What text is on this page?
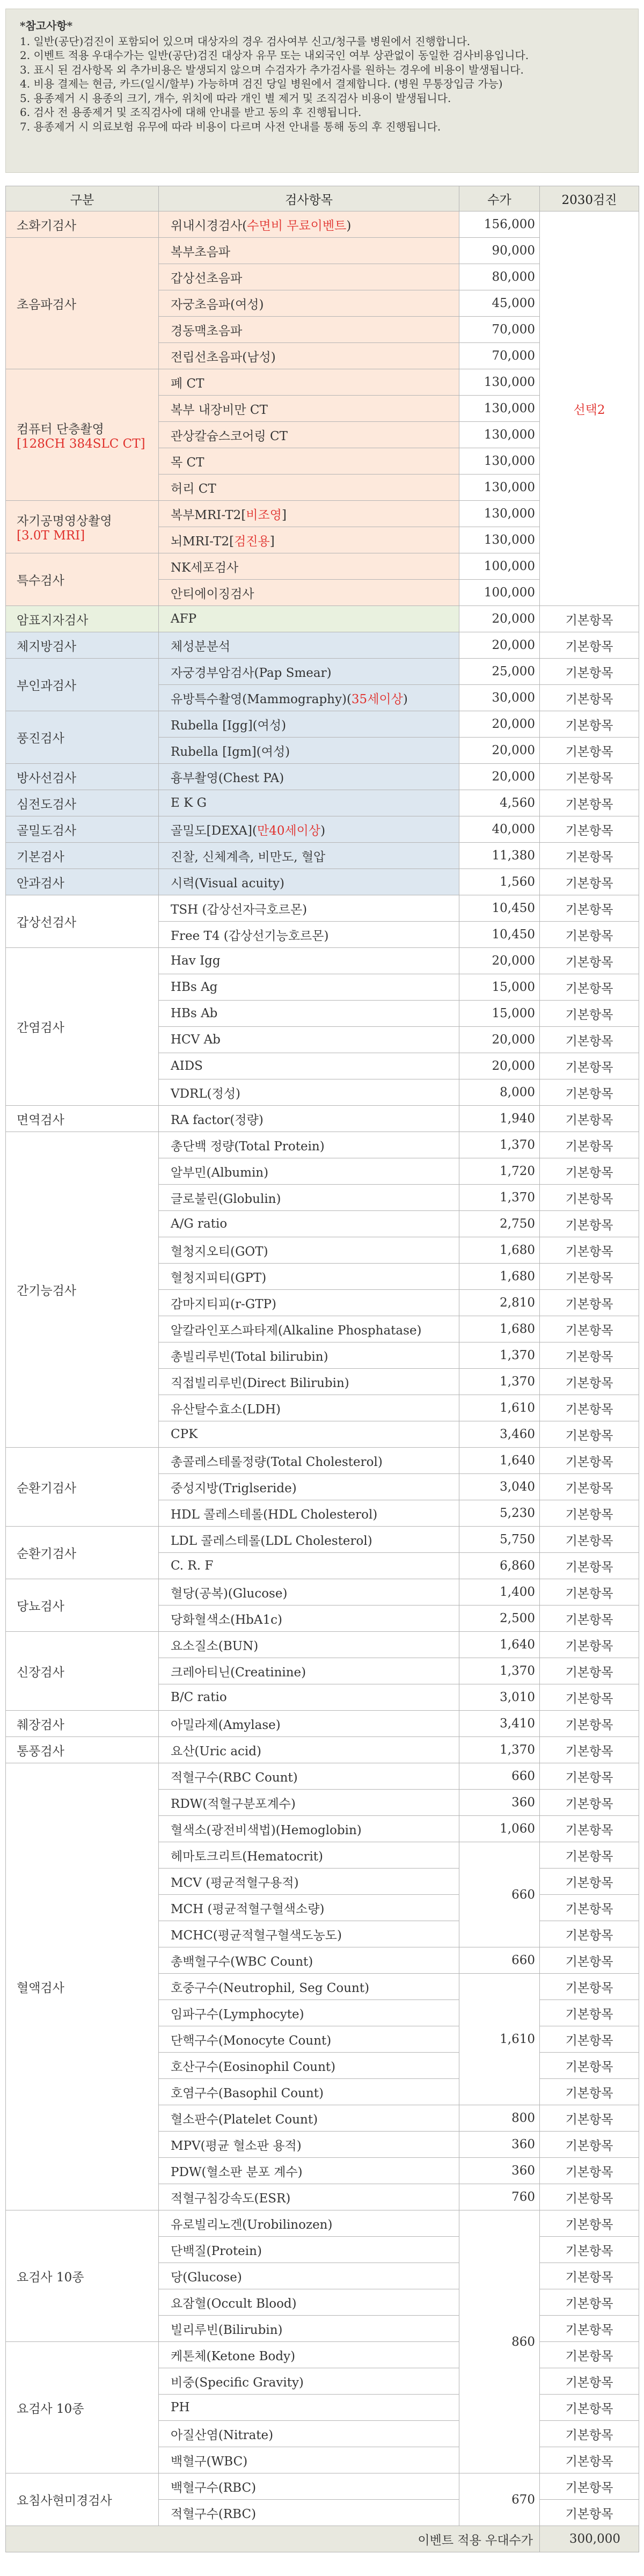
*참고사항*
1. 일반(공단)검진이 포함되어 있으며 대상자의 경우 검사여부 신고/청구를 병원에서 진행합니다.
2. 이벤트 적용 우대수가는 일반(공단)검진 대상자 유무 또는 내외국인 여부 상관없이 동일한 검사비용입니다.
3. 표시 된 검사항목 외 추가비용은 발생되지 않으며 수검자가 추가검사를 원하는 경우에 비용이 발생됩니다.
4. 비용 결제는 현금, 카드(일시/할부) 가능하며 검진 당일 병원에서 결제합니다. (병원 무통장입금 가능)
5. 용종제거 시 용종의 크기, 개수, 위치에 따라 개인 별 제거 및 조직검사 비용이 발생됩니다.
6. 검사 전 용종제거 및 조직검사에 대해 안내를 받고 동의 후 진행됩니다.
7. 용종제거 시 의료보험 유무에 따라 비용이 다르며 사전 안내를 통해 동의 후 진행됩니다.
구분	검사항목	수가	2030검진
소화기검사	위내시경검사(수면비 무료이벤트)	156,000	선택2
초음파검사	복부초음파	90,000	
	갑상선초음파	80,000	
	자궁초음파(여성)	45,000	
	경동맥초음파	70,000	
	전립선초음파(남성)	70,000	
컴퓨터 단층촬영
[128CH 384SLC CT]	폐 CT	130,000	
	복부 내장비만 CT	130,000	
	관상칼슘스코어링 CT	130,000	
	목 CT	130,000	
	허리 CT	130,000	
자기공명영상촬영
[3.0T MRI]	복부MRI-T2[비조영]	130,000	
	뇌MRI-T2[검진용]	130,000	
특수검사	NK세포검사	100,000	
	안티에이징검사	100,000	
암표지자검사	AFP	20,000	기본항목
체지방검사	체성분분석	20,000	기본항목
부인과검사	자궁경부암검사(Pap Smear)	25,000	기본항목
	유방특수촬영(Mammography)(35세이상)	30,000	기본항목
풍진검사	Rubella [Igg](여성)	20,000	기본항목
	Rubella [Igm](여성)	20,000	기본항목
방사선검사	흉부촬영(Chest PA)	20,000	기본항목
심전도검사	E K G	4,560	기본항목
골밀도검사	골밀도[DEXA](만40세이상)	40,000	기본항목
기본검사	진찰, 신체계측, 비만도, 혈압	11,380	기본항목
안과검사	시력(Visual acuity)	1,560	기본항목
갑상선검사	TSH (갑상선자극호르몬)	10,450	기본항목
	Free T4 (갑상선기능호르몬)	10,450	기본항목
간염검사	Hav Igg	20,000	기본항목
	HBs Ag	15,000	기본항목
	HBs Ab	15,000	기본항목
	HCV Ab	20,000	기본항목
	AIDS	20,000	기본항목
	VDRL(정성)	8,000	기본항목
면역검사	RA factor(정량)	1,940	기본항목
간기능검사	총단백 정량(Total Protein)	1,370	기본항목
	알부민(Albumin)	1,720	기본항목
	글로불린(Globulin)	1,370	기본항목
	A/G ratio	2,750	기본항목
	혈청지오티(GOT)	1,680	기본항목
	혈청지피티(GPT)	1,680	기본항목
	감마지티피(r-GTP)	2,810	기본항목
	알칼라인포스파타제(Alkaline Phosphatase)	1,680	기본항목
	총빌리루빈(Total bilirubin)	1,370	기본항목
	직접빌리루빈(Direct Bilirubin)	1,370	기본항목
	유산탈수효소(LDH)	1,610	기본항목
	CPK	3,460	기본항목
순환기검사	총콜레스테롤정량(Total Cholesterol)	1,640	기본항목
	중성지방(Triglseride)	3,040	기본항목
	HDL 콜레스테롤(HDL Cholesterol)	5,230	기본항목
순환기검사	LDL 콜레스테롤(LDL Cholesterol)	5,750	기본항목
	C. R. F	6,860	기본항목
당뇨검사	혈당(공복)(Glucose)	1,400	기본항목
	당화혈색소(HbA1c)	2,500	기본항목
신장검사	요소질소(BUN)	1,640	기본항목
	크레아티닌(Creatinine)	1,370	기본항목
	B/C ratio	3,010	기본항목
췌장검사	아밀라제(Amylase)	3,410	기본항목
통풍검사	요산(Uric acid)	1,370	기본항목
혈액검사	적혈구수(RBC Count)	660	기본항목
	RDW(적혈구분포계수)	360	기본항목
	혈색소(광전비색법)(Hemoglobin)	1,060	기본항목
	헤마토크리트(Hematocrit)	660	기본항목
	MCV (평균적혈구용적)		기본항목
	MCH (평균적혈구혈색소량)		기본항목
	MCHC(평균적혈구혈색도농도)		기본항목
	총백혈구수(WBC Count)	660	기본항목
	호중구수(Neutrophil, Seg Count)	1,610	기본항목
	임파구수(Lymphocyte)		기본항목
	단핵구수(Monocyte Count)		기본항목
	호산구수(Eosinophil Count)		기본항목
	호염구수(Basophil Count)		기본항목
	혈소판수(Platelet Count)	800	기본항목
	MPV(평균 혈소판 용적)	360	기본항목
	PDW(혈소판 분포 계수)	360	기본항목
	적혈구침강속도(ESR)	760	기본항목
요검사 10종	유로빌리노겐(Urobilinozen)	860	기본항목
	단백질(Protein)		기본항목
	당(Glucose)		기본항목
	요잠혈(Occult Blood)		기본항목
	빌리루빈(Bilirubin)		기본항목
요검사 10종	케톤체(Ketone Body)		기본항목
	비중(Specific Gravity)		기본항목
	PH		기본항목
	아질산염(Nitrate)		기본항목
	백혈구(WBC)		기본항목
요침사현미경검사	백혈구수(RBC)	670	기본항목
	적혈구수(RBC)		기본항목
이벤트 적용 우대수가			300,000
